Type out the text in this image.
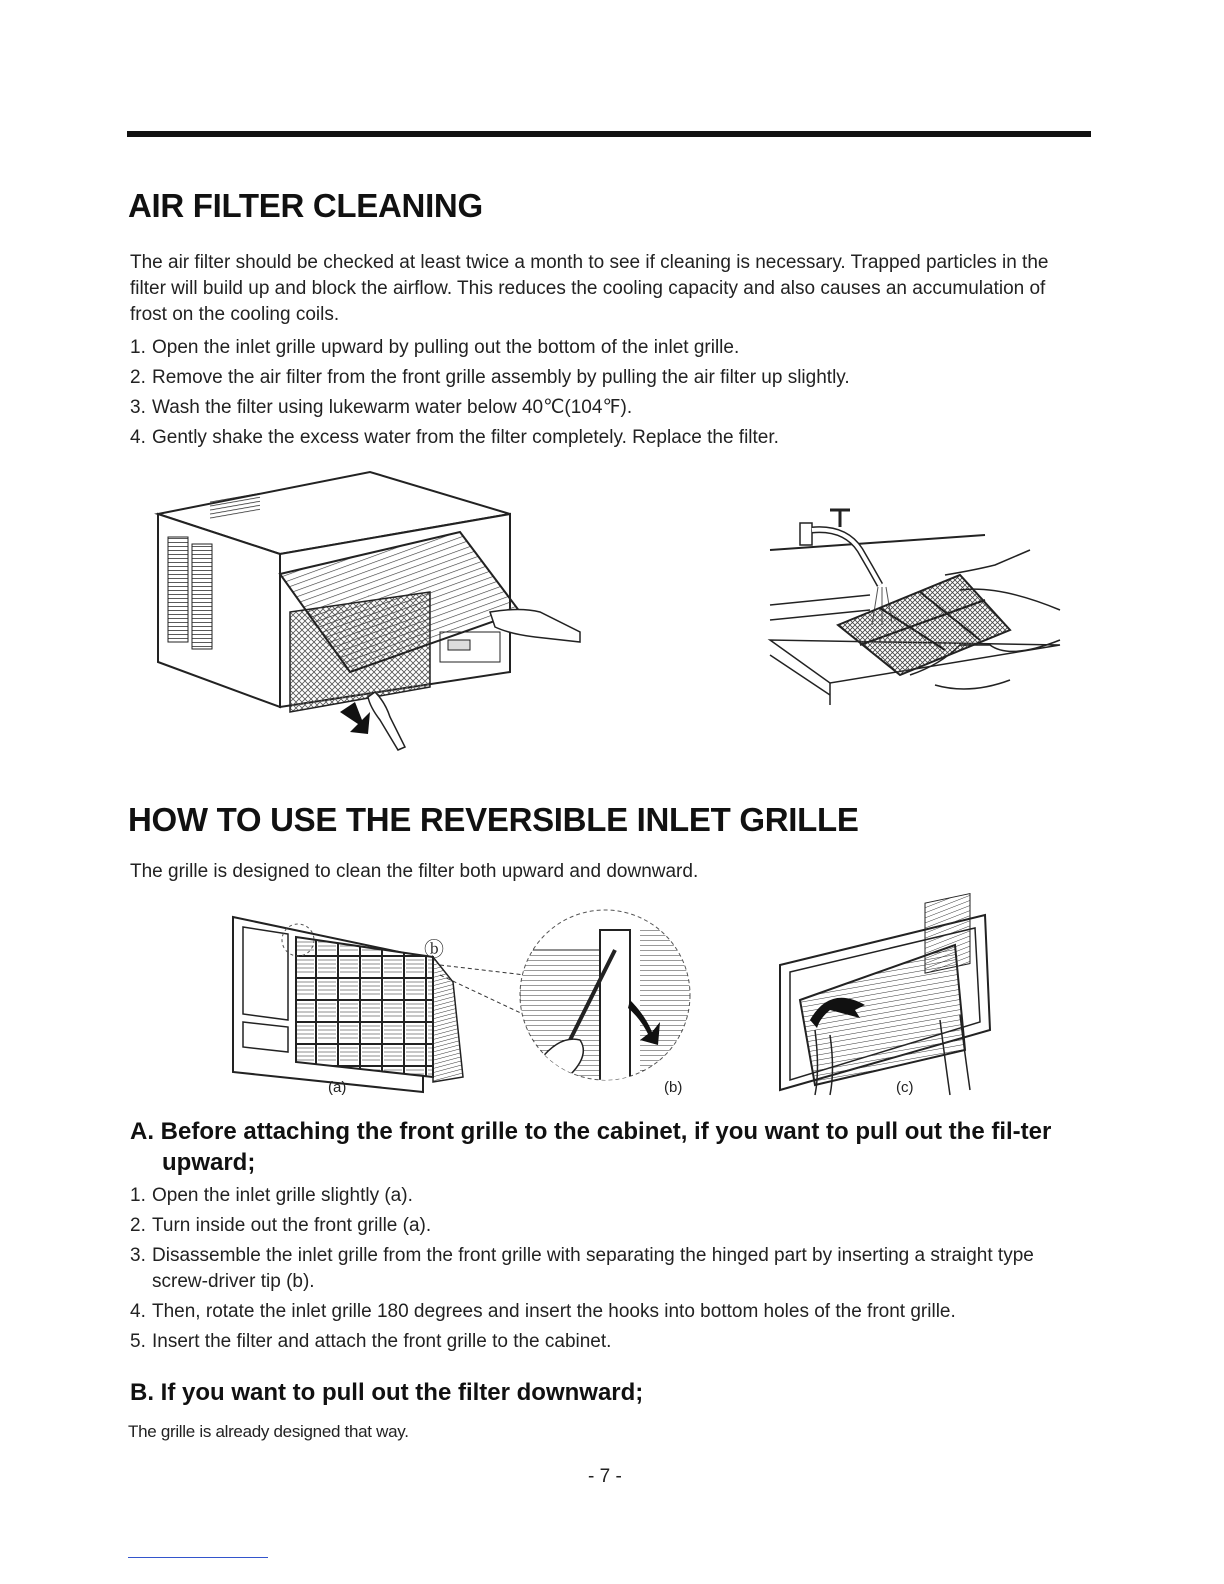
AIR FILTER CLEANING

The air filter should be checked at least twice a month to see if cleaning is necessary. Trapped particles in the filter will build up and block the airflow. This reduces the cooling capacity and also causes an accumulation of frost on the cooling coils.

1. Open the inlet grille upward by pulling out the bottom of the inlet grille.
2. Remove the air filter from the front grille assembly by pulling the air filter up slightly.
3. Wash the filter using lukewarm water below 40℃(104℉).
4. Gently shake the excess water from the filter completely. Replace the filter.
HOW TO USE THE REVERSIBLE INLET GRILLE

The grille is designed to clean the filter both upward and downward.

ⓑ
(a)	(b)	(c)
A. Before attaching the front grille to the cabinet, if you want to pull out the fil-ter upward;
1. Open the inlet grille slightly (a).
2. Turn inside out the front grille (a).
3. Disassemble the inlet grille from the front grille with separating the hinged part by inserting a straight type screw-driver tip (b).
4. Then, rotate the inlet grille 180 degrees and insert the hooks into bottom holes of the front grille.
5. Insert the filter and attach the front grille to the cabinet.
B. If you want to pull out the filter downward;
The grille is already designed that way.
- 7 -
